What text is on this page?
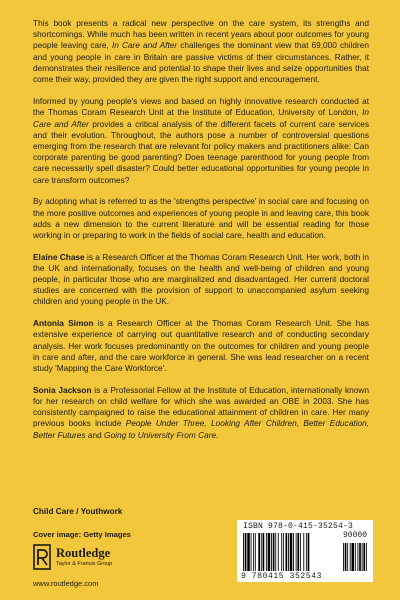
This book presents a radical new perspective on the care system, its strengths and shortcomings. While much has been written in recent years about poor outcomes for young people leaving care, In Care and After challenges the dominant view that 69,000 children and young people in care in Britain are passive victims of their circumstances. Rather, it demonstrates their resilience and potential to shape their lives and seize opportunities that come their way, provided they are given the right support and encouragement.

Informed by young people's views and based on highly innovative research conducted at the Thomas Coram Research Unit at the Institute of Education, University of London, In Care and After provides a critical analysis of the different facets of current care services and their evolution. Throughout, the authors pose a number of controversial questions emerging from the research that are relevant for policy makers and practitioners alike: Can corporate parenting be good parenting? Does teenage parenthood for young people from care necessarily spell disaster? Could better educational opportunities for young people in care transform outcomes?

By adopting what is referred to as the 'strengths perspective' in social care and focusing on the more positive outcomes and experiences of young people in and leaving care, this book adds a new dimension to the current literature and will be essential reading for those working in or preparing to work in the fields of social care, health and education.

Elaine Chase is a Research Officer at the Thomas Coram Research Unit. Her work, both in the UK and internationally, focuses on the health and well-being of children and young people, in particular those who are marginalized and disadvantaged. Her current doctoral studies are concerned with the provision of support to unaccompanied asylum seeking children and young people in the UK.

Antonia Simon is a Research Officer at the Thomas Coram Research Unit. She has extensive experience of carrying out quantitative research and of conducting secondary analysis. Her work focuses predominantly on the outcomes for children and young people in care and after, and the care workforce in general. She was lead researcher on a recent study 'Mapping the Care Workforce'.

Sonia Jackson is a Professorial Fellow at the Institute of Education, internationally known for her research on child welfare for which she was awarded an OBE in 2003. She has consistently campaigned to raise the educational attainment of children in care. Her many previous books include People Under Three, Looking After Children, Better Education, Better Futures and Going to University From Care.

Child Care / Youthwork
Cover image: Getty Images
Routledge
Taylor & Francis Group
www.routledge.com
ISBN 978-0-415-35254-3
90000
9 780415 352543
